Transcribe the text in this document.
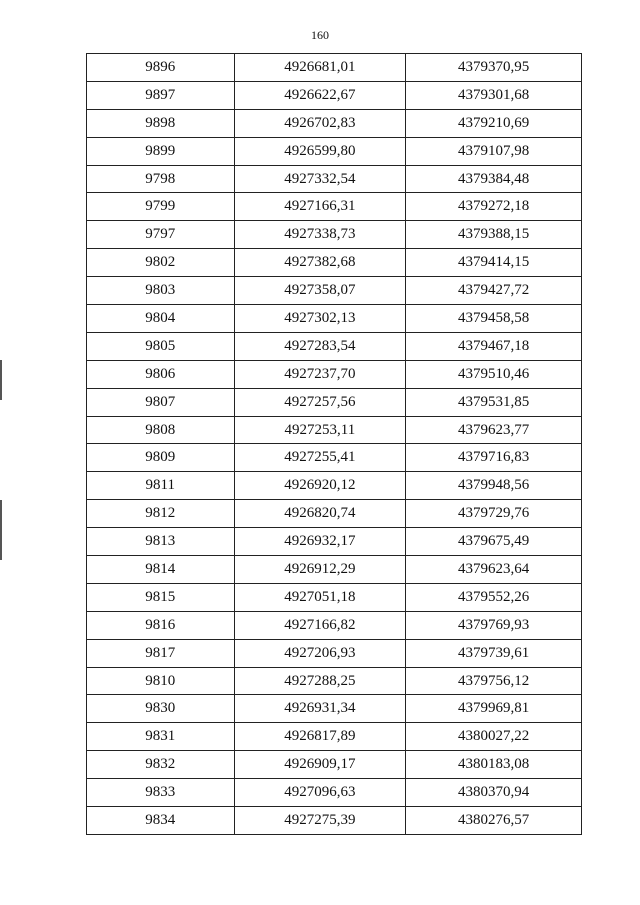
160
9896	4926681,01	4379370,95
9897	4926622,67	4379301,68
9898	4926702,83	4379210,69
9899	4926599,80	4379107,98
9798	4927332,54	4379384,48
9799	4927166,31	4379272,18
9797	4927338,73	4379388,15
9802	4927382,68	4379414,15
9803	4927358,07	4379427,72
9804	4927302,13	4379458,58
9805	4927283,54	4379467,18
9806	4927237,70	4379510,46
9807	4927257,56	4379531,85
9808	4927253,11	4379623,77
9809	4927255,41	4379716,83
9811	4926920,12	4379948,56
9812	4926820,74	4379729,76
9813	4926932,17	4379675,49
9814	4926912,29	4379623,64
9815	4927051,18	4379552,26
9816	4927166,82	4379769,93
9817	4927206,93	4379739,61
9810	4927288,25	4379756,12
9830	4926931,34	4379969,81
9831	4926817,89	4380027,22
9832	4926909,17	4380183,08
9833	4927096,63	4380370,94
9834	4927275,39	4380276,57
